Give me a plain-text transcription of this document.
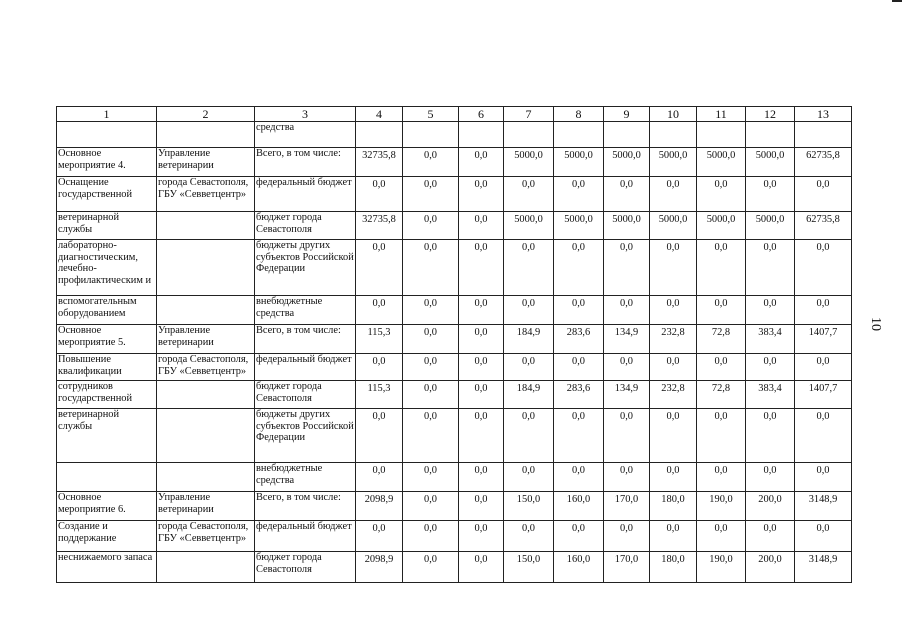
1	2	3	4	5	6	7	8	9	10	11	12	13
		средства										
Основное мероприятие 4.	Управление ветеринарии	Всего, в том числе:	32735,8	0,0	0,0	5000,0	5000,0	5000,0	5000,0	5000,0	5000,0	62735,8
Оснащение государственной	города Севастополя, ГБУ «Севветцентр»	федеральный бюджет	0,0	0,0	0,0	0,0	0,0	0,0	0,0	0,0	0,0	0,0
ветеринарной службы		бюджет города Севастополя	32735,8	0,0	0,0	5000,0	5000,0	5000,0	5000,0	5000,0	5000,0	62735,8
лабораторно-диагностическим, лечебно-профилактическим и		бюджеты других субъектов Российской Федерации	0,0	0,0	0,0	0,0	0,0	0,0	0,0	0,0	0,0	0,0
вспомогательным оборудованием		внебюджетные средства	0,0	0,0	0,0	0,0	0,0	0,0	0,0	0,0	0,0	0,0
Основное мероприятие 5.	Управление ветеринарии	Всего, в том числе:	115,3	0,0	0,0	184,9	283,6	134,9	232,8	72,8	383,4	1407,7
Повышение квалификации	города Севастополя, ГБУ «Севветцентр»	федеральный бюджет	0,0	0,0	0,0	0,0	0,0	0,0	0,0	0,0	0,0	0,0
сотрудников государственной		бюджет города Севастополя	115,3	0,0	0,0	184,9	283,6	134,9	232,8	72,8	383,4	1407,7
ветеринарной службы		бюджеты других субъектов Российской Федерации	0,0	0,0	0,0	0,0	0,0	0,0	0,0	0,0	0,0	0,0
		внебюджетные средства	0,0	0,0	0,0	0,0	0,0	0,0	0,0	0,0	0,0	0,0
Основное мероприятие 6.	Управление ветеринарии	Всего, в том числе:	2098,9	0,0	0,0	150,0	160,0	170,0	180,0	190,0	200,0	3148,9
Создание и поддержание	города Севастополя, ГБУ «Севветцентр»	федеральный бюджет	0,0	0,0	0,0	0,0	0,0	0,0	0,0	0,0	0,0	0,0
неснижаемого запаса		бюджет города Севастополя	2098,9	0,0	0,0	150,0	160,0	170,0	180,0	190,0	200,0	3148,9
10
